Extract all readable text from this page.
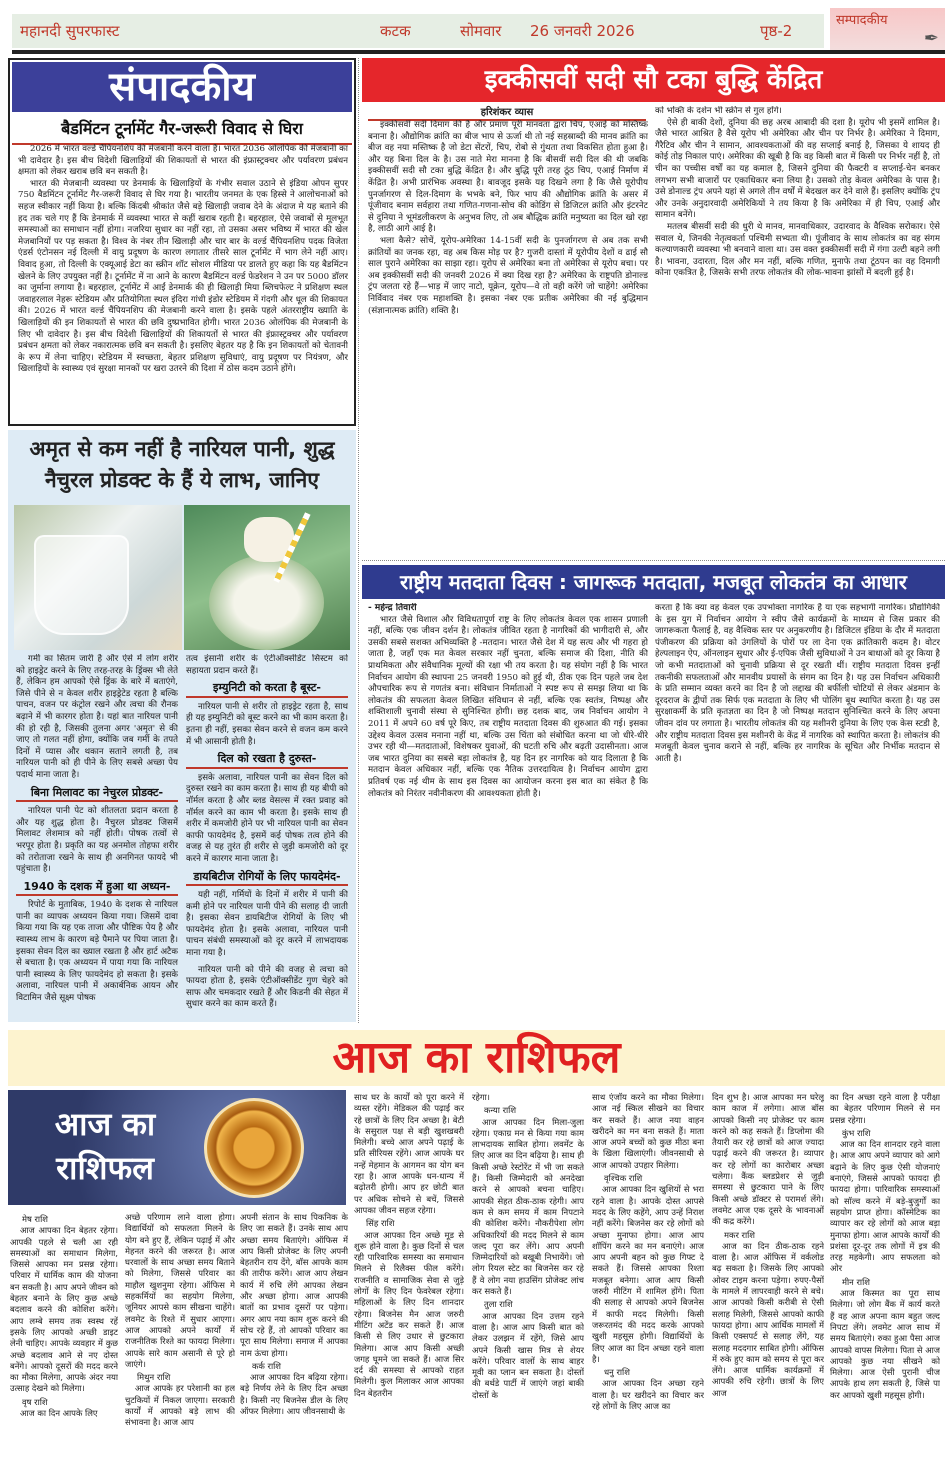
महानदी सुपरफास्ट	कटक	सोमवार	26 जनवरी 2026	पृष्ठ-2
सम्पादकीय
✒
संपादकीय
बैडमिंटन टूर्नामेंट गैर-जरूरी विवाद से घिरा

2026 में भारत वर्ल्ड चैंपियनशिप की मेजबानी करने वाला है। भारत 2036 ओलंपिक की मेजबानी का भी दावेदार है। इस बीच विदेशी खिलाड़ियों की शिकायतों से भारत की इंफ्रास्ट्रक्चर और पर्यावरण प्रबंधन क्षमता को लेकर खराब छवि बन सकती है।

भारत की मेजबानी व्यवस्था पर डेनमार्क के खिलाड़ियों के गंभीर सवाल उठाने से इंडिया ओपन सुपर 750 बैडमिंटन टूर्नामेंट गैर-जरूरी विवाद से घिर गया है। भारतीय जनमत के एक हिस्से ने आलोचनाओं को सहज स्वीकार नहीं किया है। बल्कि किंदबी श्रीकांत जैसे बड़े खिलाड़ी जवाब देने के अंदाज मे यह बताने की हद तक चले गए हैं कि डेनमार्क में व्यवस्था भारत से कहीं खराब रहती है। बहरहाल, ऐसे जवाबों से मूलभूत समस्याओं का समाधान नहीं होगा। नजरिया सुधार का नहीं रहा, तो उसका असर भविष्य में भारत की खेल मेजबानियों पर पड़ सकता है। विश्व के नंबर तीन खिलाड़ी और चार बार के वर्ल्ड चैंपियनशिप पदक विजेता एंडर्स एंटोनसन नई दिल्ली में वायु प्रदूषण के कारण लगातार तीसरे साल टूर्नामेंट में भाग लेने नहीं आए। विवाद हुआ, तो दिल्ली के एक्यूआई डेटा का स्क्रीन शॉट सोशल मीडिया पर डालते हुए कहा कि यह बैडमिंटन खेलने के लिए उपयुक्त नहीं है। टूर्नामेंट में ना आने के कारण बैडमिंटन वर्ल्ड फेडरेशन ने उन पर 5000 डॉलर का जुर्माना लगाया है। बहरहाल, टूर्नामेंट में आईं डेनमार्क की ही खिलाड़ी मिया ब्लिचफेल्ट ने प्रशिक्षण स्थल जवाहरलाल नेहरू स्टेडियम और प्रतियोगिता स्थल इंदिरा गांधी इंडोर स्टेडियम में गंदगी और धूल की शिकायत की। 2026 में भारत वर्ल्ड चैंपियनशिप की मेजबानी करने वाला है। इसके पहले अंतरराष्ट्रीय ख्याति के खिलाड़ियों की इन शिकायतों से भारत की छवि दुष्प्रभावित होगी। भारत 2036 ओलंपिक की मेजबानी के लिए भी दावेदार है। इस बीच विदेशी खिलाड़ियों की शिकायतों से भारत की इंफ्रास्ट्रक्चर और पर्यावरण प्रबंधन क्षमता को लेकर नकारात्मक छवि बन सकती है। इसलिए बेहतर यह है कि इन शिकायतों को चेतावनी के रूप में लेना चाहिए। स्टेडियम में स्वच्छता, बेहतर प्रशिक्षण सुविधाएं, वायु प्रदूषण पर नियंत्रण, और खिलाड़ियों के स्वास्थ्य एवं सुरक्षा मानकों पर खरा उतरने की दिशा में ठोस कदम उठाने होंगे।

अमृत से कम नहीं है नारियल पानी, शुद्ध नैचुरल प्रोडक्ट के हैं ये लाभ, जानिए

गर्मी का सितम जारी है और ऐसे में लोग शरीर को हाइड्रेट करने के लिए तरह-तरह के ड्रिंक्स भी लेते हैं, लेकिन हम आपको ऐसे ड्रिंक के बारे में बताएंगे, जिसे पीने से न केवल शरीर हाइड्रेटेड रहता है बल्कि पाचन, वजन पर कंट्रोल रखने और त्वचा की रौनक बढ़ाने में भी कारगर होता है। यहां बात नारियल पानी की हो रही है, जिसकी तुलना अगर 'अमृत' से की जाए तो गलत नहीं होगा, क्योंकि जब गर्मी के तपते दिनों में प्यास और थकान सताने लगती है, तब नारियल पानी को ही पीने के लिए सबसे अच्छा पेय पदार्थ माना जाता है।

बिना मिलावट का नेचुरल प्रोडक्ट-

नारियल पानी पेट को शीतलता प्रदान करता है और यह शुद्ध होता है। नैचुरल प्रोडक्ट जिसमें मिलावट लेशमात्र को नहीं होती। पोषक तत्वों से भरपूर होता है। प्रकृति का यह अनमोल तोहफा शरीर को तरोताजा रखने के साथ ही अनगिनत फायदे भी पहुंचाता है।

1940 के दशक में हुआ था अध्यन-

रिपोर्ट के मुताबिक, 1940 के दशक से नारियल पानी का व्यापक अध्ययन किया गया। जिसमें दावा किया गया कि यह एक ताजा और पौष्टिक पेय है और स्वास्थ्य लाभ के कारण बड़े पैमाने पर पिया जाता है। इसका सेवन दिल का ख्याल रखता है और हार्ट अटैक से बचाता है। एक अध्ययन में पाया गया कि नारियल पानी स्वास्थ्य के लिए फायदेमंद हो सकता है। इसके अलावा, नारियल पानी में अकार्बनिक आयन और विटामिन जैसे सूक्ष्म पोषक

तत्व इंसानी शरीर के एंटीऑक्सीडेंट सिस्टम को सहायता प्रदान करते हैं।
इम्युनिटी को करता है बूस्ट-

नारियल पानी से शरीर तो हाइड्रेट रहता है, साथ ही यह इम्युनिटी को बूस्ट करने का भी काम करता है। इतना ही नहीं, इसका सेवन करने से वजन कम करने में भी आसानी होती है।

दिल को रखता है दुरुस्त-

इसके अलावा, नारियल पानी का सेवन दिल को दुरुस्त रखने का काम करता है। साथ ही यह बीपी को नॉर्मल करता है और ब्लड वेसल्स में रक्त प्रवाह को नॉर्मल करने का काम भी करता है। इसके साथ ही शरीर में कमजोरी होने पर भी नारियल पानी का सेवन काफी फायदेमंद है, इसमें कई पोषक तत्व होने की वजह से यह तुरंत ही शरीर से जुड़ी कमजोरी को दूर करने में कारगर माना जाता है।

डायबिटीज रोगियों के लिए फायदेमंद-

यही नहीं, गर्मियों के दिनों में शरीर में पानी की कमी होने पर नारियल पानी पीने की सलाह दी जाती है। इसका सेवन डायबिटीज रोगियों के लिए भी फायदेमंद होता है। इसके अलावा, नारियल पानी पाचन संबंधी समस्याओं को दूर करने में लाभदायक माना गया है।

नारियल पानी को पीने की वजह से त्वचा को फायदा होता है, इसके एंटीऑक्सीडेंट गुण चेहरे को साफ और चमकदार रखते हैं और किडनी की सेहत में सुधार करने का काम करते हैं।

इक्कीसवीं सदी सौ टका बुद्धि केंद्रित
हरिशंकर व्यास

इक्कीसवीं सदी दिमाग की है और प्रमाण पूरी मानवता द्वारा चिप, एआई को मस्तिष्क बनाना है। औद्योगिक क्रांति का बीज भाप से ऊर्जा थी तो नई सहस्राब्दी की मानव क्रांति का बीज वह नया मस्तिष्क है जो डेटा सेंटरों, चिप, रोबो से गुंथता तथा विकसित होता हुआ है। और यह बिना दिल के है। उस नाते मेरा मानना है कि बीसवीं सदी दिल की थी जबकि इक्कीसवीं सदी सौ टका बुद्धि केंद्रित है। और बुद्धि पूरी तरह ठूंठ चिप, एआई निर्माण में केंद्रित है। अभी प्रारंभिक अवस्था है। बावजूद इसके यह दिखने लगा है कि जैसे यूरोपीय पुनर्जागरण से दिल-दिमाग के भभके बने, फिर भाप की औद्योगिक क्रांति के असर में पूंजीवाद बनाम सर्वहारा तथा गणित-गणना-सोच की कोडिंग से डिजिटल क्रांति और इंटरनेट से दुनिया ने भूमंडलीकरण के अनुभव लिए, तो अब बौद्धिक क्रांति मनुष्यता का दिल खो रहा है, लाठी आगे आई है।

भला कैसे? सोचें, यूरोप-अमेरिका 14-15वीं सदी के पुनर्जागरण से अब तक सभी क्रांतियों का जनक रहा, वह अब किस मोड़ पर है? गुजरी दास्तां में यूरोपीय देशों व ढाई सौ साल पुराने अमेरिका का साझा रहा। यूरोप से अमेरिका बना तो अमेरिका से यूरोप बचा। पर अब इक्कीसवीं सदी की जनवरी 2026 में क्या दिख रहा है? अमेरिका के राष्ट्रपति डोनाल्ड ट्रंप जलता रहे हैं—भाड़ में जाए नाटो, यूक्रेन, यूरोप—वे तो वही करेंगे जो चाहेंगे! अमेरिका निर्विवाद नंबर एक महाशक्ति है। इसका नंबर एक प्रतीक अमेरिका की नई बुद्धिमान (संज्ञानात्मक क्रांति) शक्ति है।

को भक्ति के दर्शन भी स्क्रीन से गुल होंगे।

ऐसे ही बाकी देशों, दुनिया की छह अरब आबादी की दशा है। यूरोप भी इसमें शामिल है। जैसे भारत आश्रित है वैसे यूरोप भी अमेरिका और चीन पर निर्भर है। अमेरिका ने दिमाग, गैरैटिव और चीन ने सामान, आवश्यकताओं की वह सप्लाई बनाई है, जिसका ये शायद ही कोई तोड़ निकाल पाएं। अमेरिका की खूबी है कि वह किसी बात में किसी पर निर्भर नहीं है, तो चीन का पच्चीस वर्षों का यह कमाल है, जिसने दुनिया की फैक्टरी व सप्लाई-चेन बनकर लगभग सभी बाजारों पर एकाधिकार बना लिया है। उसको तोड़ केवल अमेरिका के पास है। उसे डोनाल्ड ट्रंप अपने यहां से अगले तीन वर्षों में बेदखल कर देने वाले हैं। इसलिए क्योंकि ट्रंप और उनके अनुदारवादी अमेरिकियों ने तय किया है कि अमेरिका में ही चिप, एआई और सामान बनेंगे।

मतलब बीसवीं सदी की धुरी थे मानव, मानवाधिकार, उदारवाद के वैश्विक सरोकार। ऐसे सवाल थे, जिनकी नेतृत्वकर्ता पश्चिमी सभ्यता थी। पूंजीवाद के साथ लोकतंत्र का वह संगम कल्याणकारी व्यवस्था भी बनवाने वाला था। उस वक्त इक्कीसवीं सदी में गंगा उल्टी बहने लगी है। भावना, उदारता, दिल और मन नहीं, बल्कि गणित, मुनाफे तथा टूंठपन का वह दिमागी कोना एकत्रित है, जिसके सभी तरफ लोकतंत्र की लोक-भावना झांसों में बदली हुई है।

राष्ट्रीय मतदाता दिवस : जागरूक मतदाता, मजबूत लोकतंत्र का आधार
- महेन्द्र तिवारी

भारत जैसे विशाल और विविधतापूर्ण राष्ट्र के लिए लोकतंत्र केवल एक शासन प्रणाली नहीं, बल्कि एक जीवन दर्शन है। लोकतंत्र जीवित रहता है नागरिकों की भागीदारी से, और उसकी सबसे सशक्त अभिव्यक्ति है -मतदान। भारत जैसे देश में यह सत्य और भी गहरा हो जाता है, जहाँ एक मत केवल सरकार नहीं चुनता, बल्कि समाज की दिशा, नीति की प्राथमिकता और संवैधानिक मूल्यों की रक्षा भी तय करता है। यह संयोग नहीं है कि भारत निर्वाचन आयोग की स्थापना 25 जनवरी 1950 को हुई थी, ठीक एक दिन पहले जब देश औपचारिक रूप से गणतंत्र बना। संविधान निर्माताओं ने स्पष्ट रूप से समझ लिया था कि लोकतंत्र की सफलता केवल लिखित संविधान से नहीं, बल्कि एक स्वतंत्र, निष्पक्ष और शक्तिशाली चुनावी संस्था से सुनिश्चित होगी। छह दशक बाद, जब निर्वाचन आयोग ने 2011 में अपने 60 वर्ष पूरे किए, तब राष्ट्रीय मतदाता दिवस की शुरुआत की गई। इसका उद्देश्य केवल उत्सव मनाना नहीं था, बल्कि उस चिंता को संबोधित करना था जो धीरे-धीरे उभर रही थी—मतदाताओं, विशेषकर युवाओं, की घटती रुचि और बढ़ती उदासीनता। आज जब भारत दुनिया का सबसे बड़ा लोकतंत्र है, यह दिन हर नागरिक को याद दिलाता है कि मतदान केवल अधिकार नहीं, बल्कि एक नैतिक उत्तरदायित्व है। निर्वाचन आयोग द्वारा प्रतिवर्ष एक नई थीम के साथ इस दिवस का आयोजन करना इस बात का संकेत है कि लोकतंत्र को निरंतर नवीनीकरण की आवश्यकता होती है।

करता है कि क्या वह केवल एक उपभोक्ता नागरिक है या एक सहभागी नागरिक। प्रौद्योगिकी के इस युग में निर्वाचन आयोग ने स्वीप जैसे कार्यक्रमों के माध्यम से जिस प्रकार की जागरूकता फैलाई है, वह वैश्विक स्तर पर अनुकरणीय है। डिजिटल इंडिया के दौर में मतदाता पंजीकरण की प्रक्रिया को उंगलियों के पोरों पर ला देना एक क्रांतिकारी कदम है। वोटर हेल्पलाइन ऐप, ऑनलाइन सुधार और ई-एपिक जैसी सुविधाओं ने उन बाधाओं को दूर किया है जो कभी मतदाताओं को चुनावी प्रक्रिया से दूर रखती थीं। राष्ट्रीय मतदाता दिवस इन्हीं तकनीकी सफलताओं और मानवीय प्रयासों के संगम का दिन है। यह उस निर्वाचन अधिकारी के प्रति सम्मान व्यक्त करने का दिन है जो लद्दाख की बर्फीली चोटियों से लेकर अंडमान के दूरदराज के द्वीपों तक सिर्फ एक मतदाता के लिए भी पोलिंग बूथ स्थापित करता है। यह उस सुरक्षाकर्मी के प्रति कृतज्ञता का दिन है जो निष्पक्ष मतदान सुनिश्चित करने के लिए अपना जीवन दांव पर लगाता है। भारतीय लोकतंत्र की यह मशीनरी दुनिया के लिए एक केस स्टडी है, और राष्ट्रीय मतदाता दिवस इस मशीनरी के केंद्र में नागरिक को स्थापित करता है। लोकतंत्र की मजबूती केवल चुनाव कराने से नहीं, बल्कि हर नागरिक के सूचित और निर्भीक मतदान से आती है।
आज का राशिफल
आज का राशिफल
मेष राशि

आज आपका दिन बेहतर रहेगा। आपकी पहले से चली आ रही समस्याओं का समाधान मिलेगा, जिससे आपका मन प्रसन्न रहेगा। परिवार में धार्मिक काम की योजना बन सकती है। आप अपने जीवन को बेहतर बनाने के लिए कुछ अच्छे बदलाव करने की कोशिश करेंगे। आप लम्बे समय तक स्वस्थ रहें इसके लिए आपको अच्छी डाइट लेनी चाहिए। आपके व्यवहार में कुछ अच्छे बदलाव आने से नए दोस्त बनेंगे। आपको दूसरों की मदद करने का मौका मिलेगा, आपके अंदर नया उत्साह देखने को मिलेगा।

वृष राशि

आज का दिन आपके लिए

अच्छे परिणाम लाने वाला होगा। विद्यार्थियों को सफलता मिलने के योग बने हुए हैं, लेकिन पढ़ाई में और मेहनत करने की जरूरत है। आज घरवालों के साथ अच्छा समय बिताने को मिलेगा, जिससे परिवार का माहौल खुशनुमा रहेगा। ऑफिस मे सहकर्मियों का सहयोग मिलेगा, जूनियर आपसे काम सीखना चाहेंगे। लवमेट के रिश्ते में सुधार आएगा। आज आपको अपने कार्यों में राजनीतिक रिश्ते का फायदा मिलेगा। आपके सारे काम असानी से पूरे हो जाएंगे।
मिथुन राशि

आज आपके हर परेशानी का हल चुटकियों में निकल जाएगा। सरकारी कार्यों में आपको बड़े लाभ की संभावना है। आज आप

अपनी संतान के साथ पिकनिक के लिए जा सकते हैं। उनके साथ आप अच्छा समय बिताएंगे। ऑफिस में आप किसी प्रोजेक्ट के लिए अपनी बेहतरीन राय देंगे, बॉस आपके काम की तारीफ करेंगे। आज आप लेखन कार्य में रुचि लेंगे आपका लेखन और अच्छा होगा। आज आपकी बातों का प्रभाव दूसरों पर पड़ेगा। अगर आप नया काम शुरू करने की सोच रहे हैं, तो आपको परिवार का पूरा साथ मिलेगा। समाज में आपका नाम ऊंचा होगा।
कर्क राशि

आज आपका दिन बढ़िया रहेगा। बड़े निर्णय लेने के लिए दिन अच्छा है। किसी नए बिजनेस डील के लिए ऑफर मिलेगा। आप जीवनसाथी के

साथ घर के कार्यों को पूरा करने में व्यस्त रहेंगे। मेडिकल की पढ़ाई कर रहे छात्रों के लिए दिन अच्छा है। बेटी के ससुराल पक्ष से बड़ी खुशखबरी मिलेगी। बच्चे आज अपने पढ़ाई के प्रति सीरियस रहेंगे। आज आपके घर नन्हें मेहमान के आगमन का योग बन रहा है। आज आपके धन-धान्य में बढ़ोतरी होगी। आप हर छोटी बात पर अधिक सोचने से बचें, जिससे आपका जीवन सहज रहेगा।
सिंह राशि

आज आपका दिन अच्छे मूड से शुरू होने वाला है। कुछ दिनों से चल रही पारिवारिक समस्या का समाधान मिलने से रिलैक्स फील करेंगे। राजनीति व सामाजिक सेवा से जुड़े लोगों के लिए दिन फेवरेबल रहेगा। महिलाओं के लिए दिन शानदार रहेगा। बिजनेस मैन आज जरुरी मीटिंग अटेंड कर सकते हैं। आज किसी से लिए उधार से छुटकारा मिलेगा। आज आप किसी अच्छी जगह घूमने जा सकते हैं। आज सिर दर्द की समस्या से आपको राहत मिलेगी। कुल मिलाकर आज आपका दिन बेहतरीन

रहेगा।
कन्या राशि

आज आपका दिन मिला-जुला रहेगा। एकाग्र मन से किया गया काम लाभदायक साबित होगा। लवमेंट के लिए आज का दिन बढ़िया है। साथ ही किसी अच्छे रेस्टोरेंट में भी जा सकते हैं। किसी जिम्मेदारी को अनदेखा करने से आपको बचना चाहिए। आपकी सेहत ठीक-ठाक रहेगी। आप कम से कम समय में काम निपटाने की कोशिश करेंगे। नौकरीपेशा लोग अधिकारियों की मदद मिलने से काम जल्द पूरा कर लेंगे। आप अपनी जिम्मेदारियों को बखूबी निभायेंगे। जो लोग रियल स्टेट का बिजनेस कर रहे हैं वे लोग नया हाउसिंग प्रोजेक्ट लांच कर सकते हैं।

तुला राशि

आज आपका दिन उत्तम रहने वाला है। आज आप किसी बात को लेकर उलझन में रहेंगे, जिसे आप अपने किसी खास मित्र से शेयर करेंगे। परिवार वालों के साथ बाहर मूवी का प्लान बन सकता है। दोस्तों की बर्थडे पार्टी में जाएंगे जहां बाकी दोस्तों के

साथ एंजॉय करने का मौका मिलेगा। आज नई स्किल सीखने का विचार कर सकते हैं। आज नया वाहन खरीदने का मन बना सकते हैं। माता आज अपने बच्चों को कुछ मीठा बना के खिला खिलाएंगी। जीवनसाथी से आज आपको उपहार मिलेगा।
वृश्चिक राशि

आज आपका दिन खुशियों से भरा रहने वाला है। आपके दोस्त आपसे मदद के लिए कहेंगे, आप उन्हें निराश नहीं करेंगे। बिजनेस कर रहे लोगों को अच्छा मुनाफा होगा। आज आप शॉपिंग करने का मन बनाएंगे। आज आप अपनी बहन को कुछ गिफ्ट दे सकते हैं। जिससे आपका रिश्ता मजबूत बनेगा। आज आप किसी जरुरी मीटिंग में शामिल होंगे। पिता की सलाह से आपको अपने बिजनेस में काफी मदद मिलेगी। किसी जरूरतमंद की मदद करके आपको खुशी महसूस होगी। विद्यार्थियों के लिए आज का दिन अच्छा रहने वाला है।

धनु राशि

आज आपका दिन अच्छा रहने वाला है। घर खरीदने का विचार कर रहे लोगों के लिए आज का

दिन शुभ है। आज आपका मन घरेलू काम काज में लगेगा। आज बॉस आपको किसी नए प्रोजेक्ट पर काम करने को कह सकते हैं। डिप्लोमा की तैयारी कर रहे छात्रों को आज ज्यादा पढ़ाई करने की जरूरत है। व्यापार कर रहे लोगों का कारोबार अच्छा चलेगा। कैंक ब्लडप्रेशर से जुड़ी समस्या से छुटकारा पाने के लिए किसी अच्छे डॉक्टर से परामर्श लेंगे। लवमेट आज एक दूसरे के भावनाओं की कद्र करेंगे।
मकर राशि

आज का दिन ठीक-ठाक रहने वाला है। आज ऑफिस में वर्कलोड बढ़ सकता है। जिसके लिए आपको ओवर टाइम करना पड़ेगा। रुपए-पैसों के मामले में लापरवाही करने से बचे। आज आपको किसी करीबी से ऐसी सलाह मिलेगी, जिससे आपको काफी फायदा होगा। आप आर्थिक मामलों में किसी एक्सपर्ट से सलाह लेंगे, यह सलाह मददगार साबित होगी। ऑफिस में रुके हुए काम को समय से पूरा कर लेंगे। आज धार्मिक कार्यक्रमों में आपकी रुचि रहेगी। छात्रों के लिए आज

का दिन अच्छा रहने वाला है परीक्षा का बेहतर परिणाम मिलने से मन प्रसन्न रहेगा।
कुंभ राशि

आज का दिन शानदार रहने वाला है। आज आप अपने व्यापार को आगे बढ़ाने के लिए कुछ ऐसी योजनाएं बनाएंगे, जिससे आपको फायदा ही फायदा होगा। पारिवारिक समस्याओं को सॉल्व करने में बड़े-बुजुर्गों का सहयोग प्राप्त होगा। कॉस्मेटिक का व्यापार कर रहे लोगों को आज बड़ा मुनाफा होगा। आज आपके कार्यों की प्रशंसा दूर-दूर तक लोगों में इत्र की तरह महकेगी। आप सफलता को ओर

मीन राशि

आज किस्मत का पूरा साथ मिलेगा। जो लोग बैंक में कार्य करते हैं वह आज अपना काम बहुत जल्द निपटा लेंगे। लवमेट आज साथ में समय बिताएंगे। रुका हुआ पैसा आज आपको वापस मिलेगा। पिता से आज आपको कुछ नया सीखने को मिलेगा। आज ऐसी पुरानी चीज आपके हाथ लग सकती है, जिसे पा कर आपको खुशी महसूस होगी।
